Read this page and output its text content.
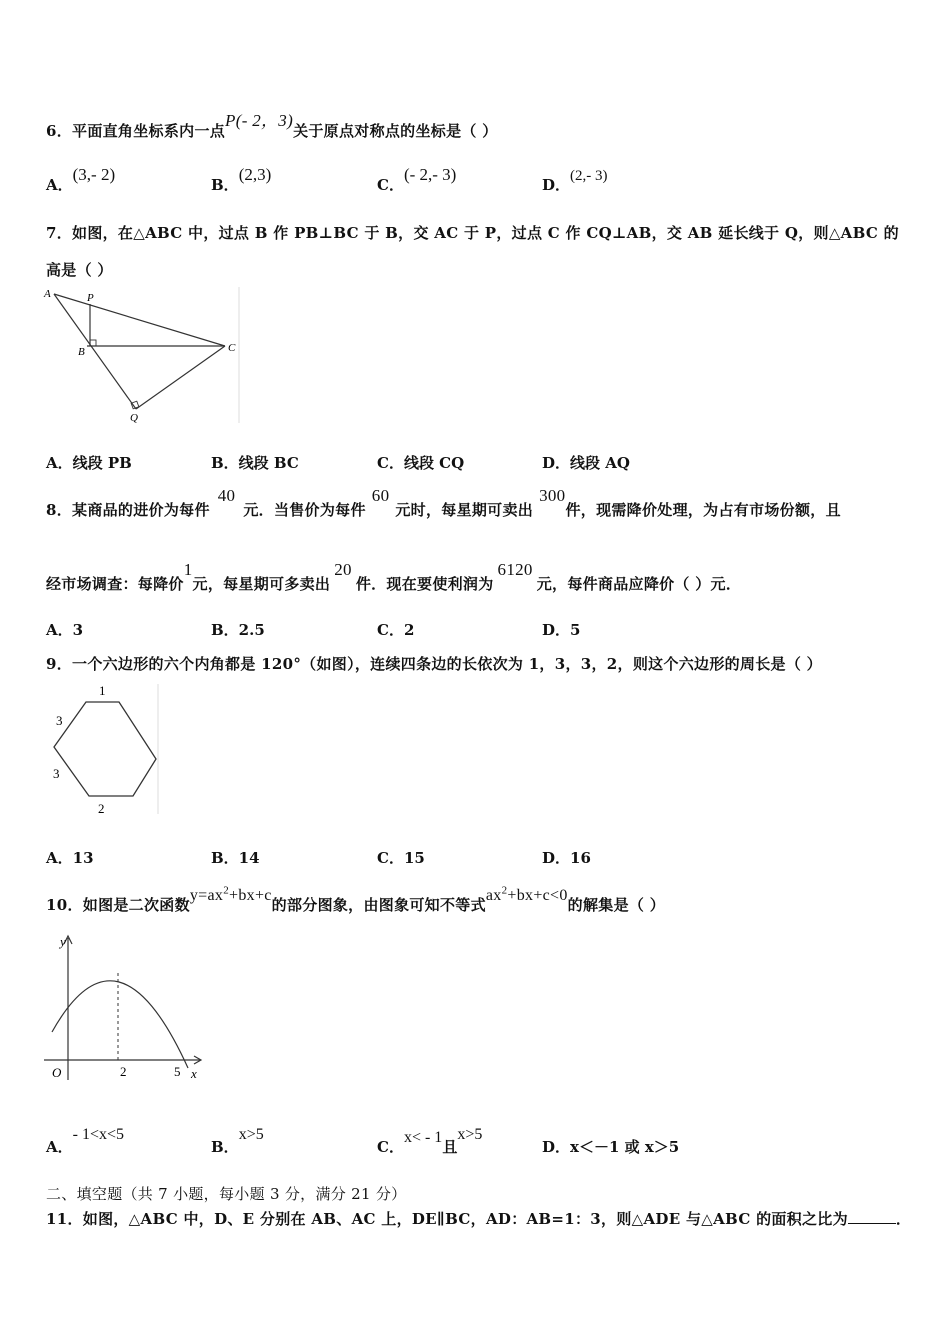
6．平面直角坐标系内一点P(- 2，3)关于原点对称点的坐标是（ ）
A．(3,- 2)
B．(2,3)
C．(- 2,- 3)
D．(2,- 3)
7．如图，在△ABC 中，过点 B 作 PB⊥BC 于 B，交 AC 于 P，过点 C 作 CQ⊥AB，交 AB 延长线于 Q，则△ABC 的
高是（ ）
A	P
B	C
Q
A．线段 PB	B．线段 BC	C．线段 CQ	D．线段 AQ
8．某商品的进价为每件40元．当售价为每件60元时，每星期可卖出300件，现需降价处理，为占有市场份额，且
经市场调查：每降价1元，每星期可多卖出20件．现在要使利润为6120元，每件商品应降价（ ）元．
A．3	B．2.5	C．2	D．5
9．一个六边形的六个内角都是 120°（如图），连续四条边的长依次为 1，3，3，2，则这个六边形的周长是（ ）
1
3
3
2
A．13	B．14	C．15	D．16
10．如图是二次函数$y=ax^2+bx+c$的部分图象，由图象可知不等式$ax^2+bx+c<0$的解集是（ ）
y
x
O	2	5
A．- 1<x<5
B．x>5
C．x< - 1且x>5
D．x＜－1 或 x＞5
二、填空题（共 7 小题，每小题 3 分，满分 21 分）
11．如图，△ABC 中，D、E 分别在 AB、AC 上，DE∥BC，AD：AB=1：3，则△ADE 与△ABC 的面积之比为	．
